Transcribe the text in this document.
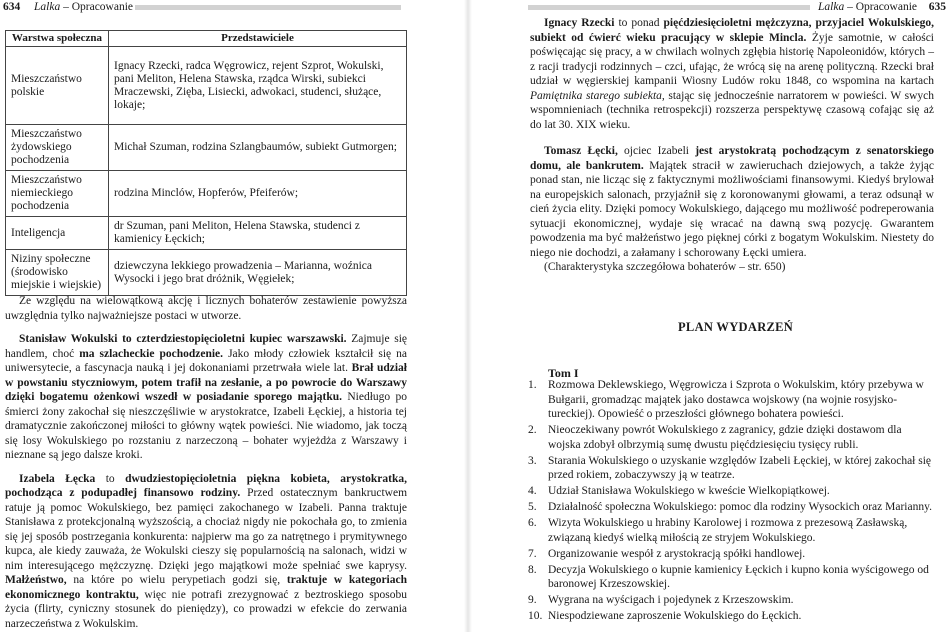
634 Lalka – Opracowanie
Warstwa społeczna	Przedstawiciele
Mieszczaństwo polskie	Ignacy Rzecki, radca Węgrowicz, rejent Szprot, Wokulski, pani Meliton, Helena Stawska, rządca Wirski, subiekci Mraczewski, Zięba, Lisiecki, adwokaci, studenci, służące, lokaje;
Mieszczaństwo żydowskiego pochodzenia	Michał Szuman, rodzina Szlangbaumów, subiekt Gutmorgen;
Mieszczaństwo niemieckiego pochodzenia	rodzina Minclów, Hopferów, Pfeiferów;
Inteligencja	dr Szuman, pani Meliton, Helena Stawska, studenci z kamienicy Łęckich;
Niziny społeczne (środowisko miejskie i wiejskie)	dziewczyna lekkiego prowadzenia – Marianna, woźnica Wysocki i jego brat dróżnik, Węgiełek;

Ze względu na wielowątkową akcję i licznych bohaterów zestawienie powyższa uwzględnia tylko najważniejsze postaci w utworze.

Stanisław Wokulski to czterdziestopięcioletni kupiec warszawski. Zajmuje się handlem, choć ma szlacheckie pochodzenie. Jako młody człowiek kształcił się na uniwersytecie, a fascynacja nauką i jej dokonaniami przetrwała wiele lat. Brał udział w powstaniu styczniowym, potem trafił na zesłanie, a po powrocie do Warszawy dzięki bogatemu ożenkowi wszedł w posiadanie sporego majątku. Niedługo po śmierci żony zakochał się nieszczęśliwie w arystokratce, Izabeli Łęckiej, a historia tej dramatycznie zakończonej miłości to główny wątek powieści. Nie wiadomo, jak toczą się losy Wokulskiego po rozstaniu z narzeczoną – bohater wyjeżdża z Warszawy i nieznane są jego dalsze kroki.

Izabela Łęcka to dwudziestopięcioletnia piękna kobieta, arystokratka, pochodząca z podupadłej finansowo rodziny. Przed ostatecznym bankructwem ratuje ją pomoc Wokulskiego, bez pamięci zakochanego w Izabeli. Panna traktuje Stanisława z protekcjonalną wyższością, a chociaż nigdy nie pokochała go, to zmienia się jej sposób postrzegania konkurenta: najpierw ma go za natrętnego i prymitywnego kupca, ale kiedy zauważa, że Wokulski cieszy się popularnością na salonach, widzi w nim interesującego mężczyznę. Dzięki jego majątkowi może spełniać swe kaprysy. Małżeństwo, na które po wielu perypetiach godzi się, traktuje w kategoriach ekonomicznego kontraktu, więc nie potrafi zrezygnować z beztroskiego sposobu życia (flirty, cyniczny stosunek do pieniędzy), co prowadzi w efekcie do zerwania narzeczeństwa z Wokulskim.

Lalka – Opracowanie 635

Ignacy Rzecki to ponad pięćdziesięcioletni mężczyzna, przyjaciel Wokulskiego, subiekt od ćwierć wieku pracujący w sklepie Mincla. Żyje samotnie, w całości poświęcając się pracy, a w chwilach wolnych zgłębia historię Napoleonidów, których – z racji tradycji rodzinnych – czci, ufając, że wrócą się na arenę polityczną. Rzecki brał udział w węgierskiej kampanii Wiosny Ludów roku 1848, co wspomina na kartach Pamiętnika starego subiekta, stając się jednocześnie narratorem w powieści. W swych wspomnieniach (technika retrospekcji) rozszerza perspektywę czasową cofając się aż do lat 30. XIX wieku.

Tomasz Łęcki, ojciec Izabeli jest arystokratą pochodzącym z senatorskiego domu, ale bankrutem. Majątek stracił w zawieruchach dziejowych, a także żyjąc ponad stan, nie licząc się z faktycznymi możliwościami finansowymi. Kiedyś brylował na europejskich salonach, przyjaźnił się z koronowanymi głowami, a teraz odsunął w cień życia elity. Dzięki pomocy Wokulskiego, dającego mu możliwość podreperowania sytuacji ekonomicznej, wydaje się wracać na dawną swą pozycję. Gwarantem powodzenia ma być małżeństwo jego pięknej córki z bogatym Wokulskim. Niestety do niego nie dochodzi, a załamany i schorowany Łęcki umiera.

(Charakterystyka szczegółowa bohaterów – str. 650)

PLAN WYDARZEŃ
Tom I
1. Rozmowa Deklewskiego, Węgrowicza i Szprota o Wokulskim, który przebywa w Bułgarii, gromadząc majątek jako dostawca wojskowy (na wojnie rosyjsko-tureckiej). Opowieść o przeszłości głównego bohatera powieści.
2. Nieoczekiwany powrót Wokulskiego z zagranicy, gdzie dzięki dostawom dla wojska zdobył olbrzymią sumę dwustu pięćdziesięciu tysięcy rubli.
3. Starania Wokulskiego o uzyskanie względów Izabeli Łęckiej, w której zakochał się przed rokiem, zobaczywszy ją w teatrze.
4. Udział Stanisława Wokulskiego w kweście Wielkopiątkowej.
5. Działalność społeczna Wokulskiego: pomoc dla rodziny Wysockich oraz Marianny.
6. Wizyta Wokulskiego u hrabiny Karolowej i rozmowa z prezesową Zasławską, związaną kiedyś wielką miłością ze stryjem Wokulskiego.
7. Organizowanie wespół z arystokracją spółki handlowej.
8. Decyzja Wokulskiego o kupnie kamienicy Łęckich i kupno konia wyścigowego od baronowej Krzeszowskiej.
9. Wygrana na wyścigach i pojedynek z Krzeszowskim.
10. Niespodziewane zaproszenie Wokulskiego do Łęckich.
